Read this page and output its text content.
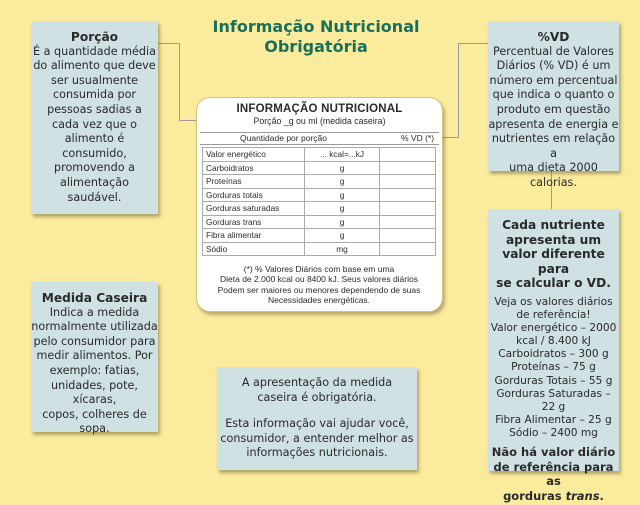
Informação Nutricional
Obrigatória
Porção
É a quantidade média
do alimento que deve
ser usualmente
consumida por
pessoas sadias a
cada vez que o
alimento é
consumido,
promovendo a
alimentação
saudável.
%VD
Percentual de Valores
Diários (% VD) é um
número em percentual
que indica o quanto o
produto em questão
apresenta de energia e
nutrientes em relação a
uma dieta 2000 calorias.
INFORMAÇÃO NUTRICIONAL
Porção _g ou ml (medida caseira)
Quantidade por porção	% VD (*)
Valor energético	... kcal=...kJ	
Carboidratos	g	
Proteínas	g	
Gorduras totais	g	
Gorduras saturadas	g	
Gorduras trans	g	
Fibra alimentar	g	
Sódio	mg	
(*) % Valores Diários com base em uma
Dieta de 2.000 kcal ou 8400 kJ. Seus valores diários
Podem ser maiores ou menores dependendo de suas
Necessidades energéticas.
Medida Caseira
Indica a medida
normalmente utilizada
pelo consumidor para
medir alimentos. Por
exemplo: fatias,
unidades, pote, xícaras,
copos, colheres de
sopa.
A apresentação da medida
caseira é obrigatória.
Esta informação vai ajudar você,
consumidor, a entender melhor as
informações nutricionais.
Cada nutriente
apresenta um
valor diferente para
se calcular o VD.
Veja os valores diários
de referência!
Valor energético – 2000
kcal / 8.400 kJ
Carboidratos – 300 g
Proteínas – 75 g
Gorduras Totais – 55 g
Gorduras Saturadas – 22 g
Fibra Alimentar – 25 g
Sódio – 2400 mg
Não há valor diário
de referência para as
gorduras trans.
